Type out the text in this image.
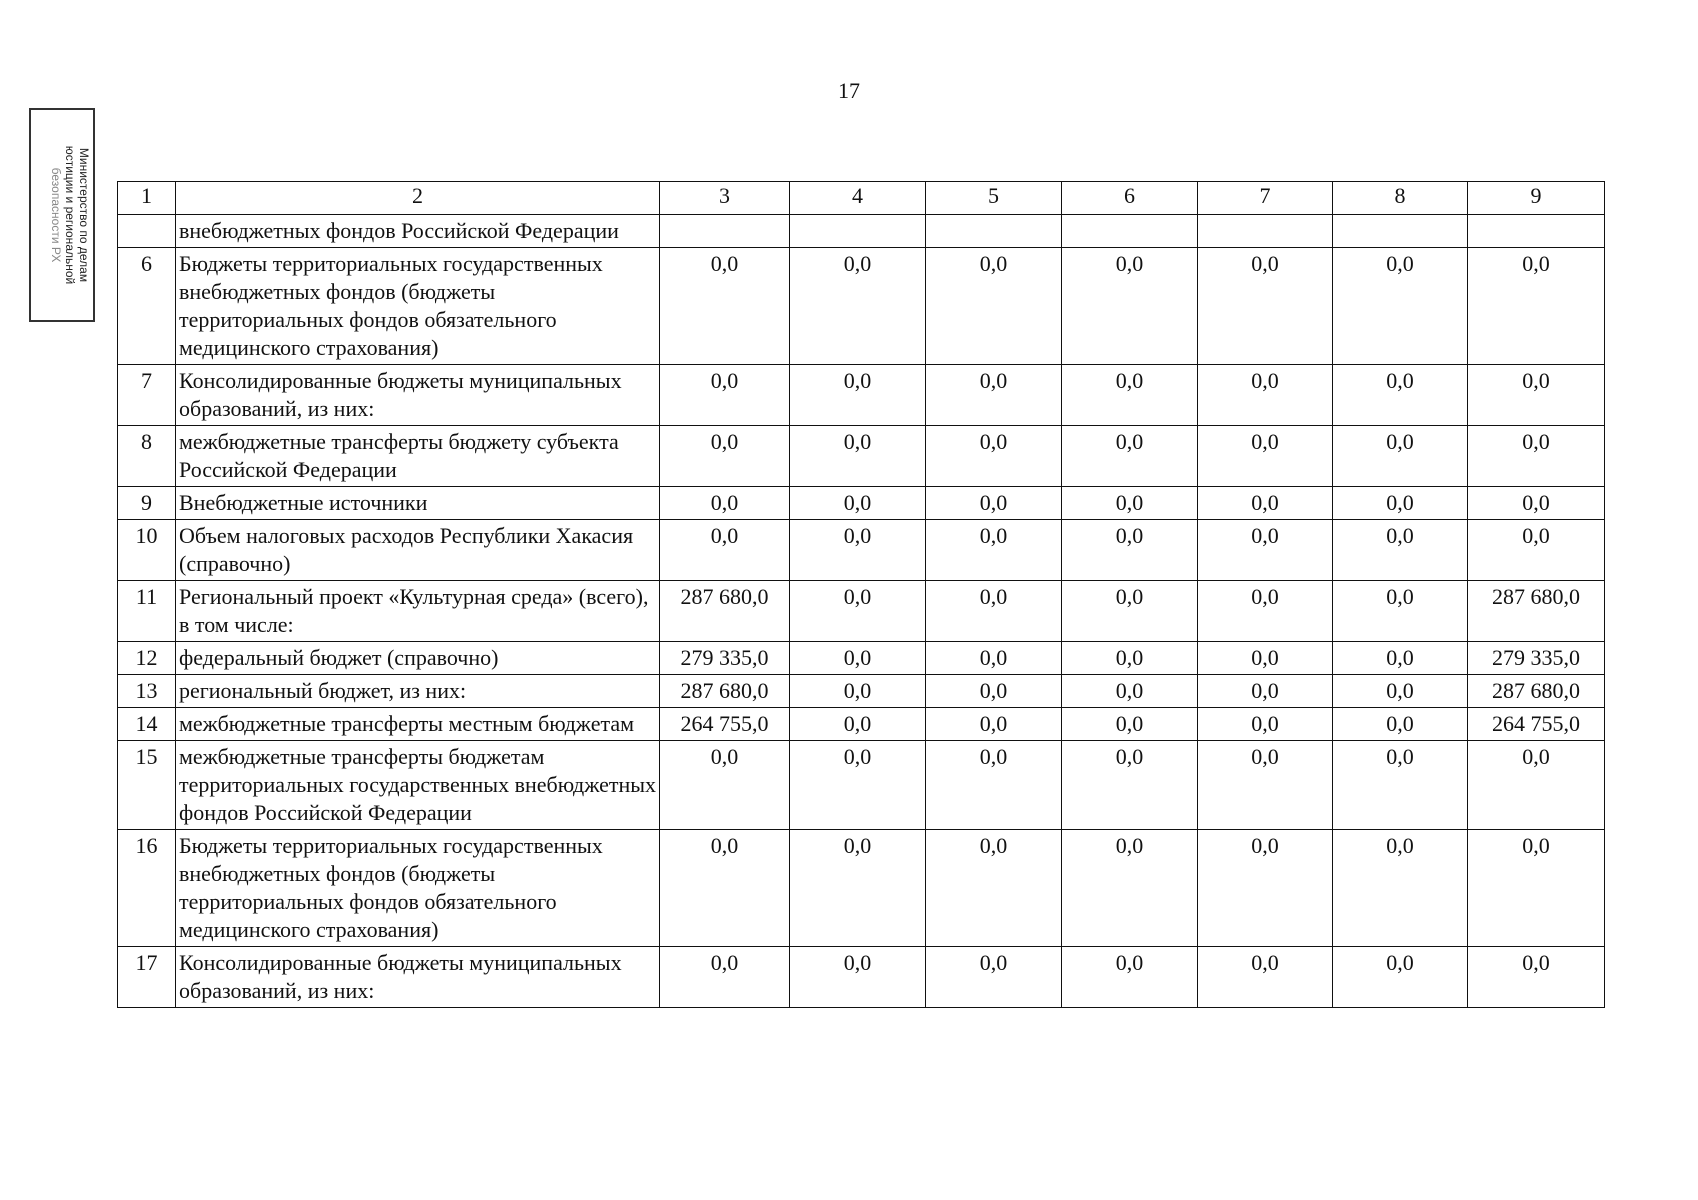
17
Министерство по делам
юстиции и региональной
безопасности РХ	1	2	3	4	5	6	7	8	9
	внебюджетных фондов Российской Федерации							
6	Бюджеты территориальных государственных внебюджетных фондов (бюджеты территориальных фондов обязательного медицинского страхования)	0,0	0,0	0,0	0,0	0,0	0,0	0,0
7	Консолидированные бюджеты муниципальных образований, из них:	0,0	0,0	0,0	0,0	0,0	0,0	0,0
8	межбюджетные трансферты бюджету субъекта Российской Федерации	0,0	0,0	0,0	0,0	0,0	0,0	0,0
9	Внебюджетные источники	0,0	0,0	0,0	0,0	0,0	0,0	0,0
10	Объем налоговых расходов Республики Хакасия (справочно)	0,0	0,0	0,0	0,0	0,0	0,0	0,0
11	Региональный проект «Культурная среда» (всего), в том числе:	287 680,0	0,0	0,0	0,0	0,0	0,0	287 680,0
12	федеральный бюджет (справочно)	279 335,0	0,0	0,0	0,0	0,0	0,0	279 335,0
13	региональный бюджет, из них:	287 680,0	0,0	0,0	0,0	0,0	0,0	287 680,0
14	межбюджетные трансферты местным бюджетам	264 755,0	0,0	0,0	0,0	0,0	0,0	264 755,0
15	межбюджетные трансферты бюджетам территориальных государственных внебюджетных фондов Российской Федерации	0,0	0,0	0,0	0,0	0,0	0,0	0,0
16	Бюджеты территориальных государственных внебюджетных фондов (бюджеты территориальных фондов обязательного медицинского страхования)	0,0	0,0	0,0	0,0	0,0	0,0	0,0
17	Консолидированные бюджеты муниципальных образований, из них:	0,0	0,0	0,0	0,0	0,0	0,0	0,0
